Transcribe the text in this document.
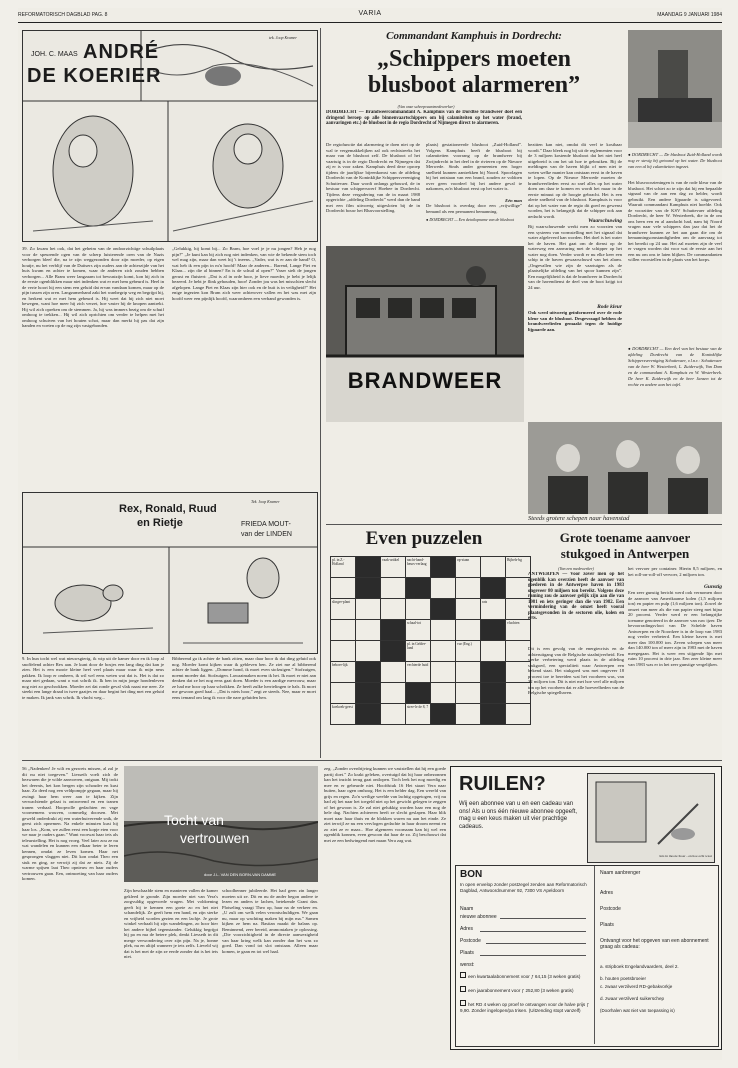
REFORMATORISCH DAGBLAD PAG. 8	VARIA	MAANDAG 9 JANUARI 1984
JOH. C. MAAS ANDRÉ
DE KOERIER
tek. Joop Kramer
39. Zo kwam het ook, dat het geheim van de ondoorzichtige schuilplaats voor de speurende ogen van de scherp luisterende oren van de Nazis verborgen bleef die, na te zijn weggezonden door zijn moeder, op eigen houtje, nu het verblijf van de Duitsers zijn ouders aan de achterzijde van het huis kwam en achter te komen, waar de anderen zich zouden hebben verborgen... Alle Bram weer langzaam tot bewustzijn komt, kon hij zich in de eerste ogenblikken maar niet indenken wat er met hem gebeurd is. Heel in de verte hoort hij een stem een geluid dat ervan vandaan komen, maar op de pijn tussen zijn oren. Langzamerhand zakt het wanbegrip weg en begrijpt hij, en herkent wat er met hem gebeurd is. Hij weet dat hij zich niet moet bewegen, want hoe meer hij zich verzet, hoe vaster hij de knopen aantrekt. Hij wil zich opreken om de stemmen. Ja, hij was immers bezig om de schuif omhoog te trekken... Hij wil zich oprichten om verder te helpen met het omhoog schuiven van het houten schot, maar dan merkt hij pas dat zijn handen en voeten op de rug zijn vastgebonden.
„Gelukkig, hij komt bij... Zo Bram, hoe voel je je nu jongen? Heb je nog pijn?” „Je kunt kan bij zich nog niet indenken, van wie de bekende stem toch wel mag zijn, maar dan weet hij 't ineens. „Vader, wat is er aan de hand? O, wat heb ik een pijn in m'n hoofd! Maar de anderen... Barend, Lange Piet en Klaas... zijn die al binnen? En is de schuil al open?” Vaser stelt de jongen gerust en fluistert: „Dat is al in orde hoor, je lieve moeder, je hebt je lelijk bezeerd. Je hebt je flink gehouden, hoor! Zonder jou was het misschien slecht afgelopen. Lange Piet en Klaas zijn hier ook en de buit is in veiligheid!” Het enige ingezien kon Bram zich weer achterover vallen en het was met zijn hoofd weer een pijnlijk hoofd, waaromheen een verband gewonden is.
Rex, Ronald, Ruud
en Rietje	FRIEDA MOUT-
van der LINDEN
Tek. Joop Kramer
9. In hun tocht wel wat nieuwsgierig, ik wip uit de kamer door en ik loop al snoffelend achter Rex aan. Je kunt door de bosjes een lang ding dat kan je zien. Het is een mooie kleine heel veel plaats maar waar ik mijn neus pakken. Ik loop er omheen, ik wil wel eens weten wat dat is. Het is dat zo maar niet gedaan, want o wat schrik ik. Ik ben in mijn jonge hondenleven nog niet zo geschrokken. Moeder zet dat ronde geval vlak naast me neer. Ze steekt een lange draad in twee gaatjes en daar begint het ding met een geluid te maken. Ik jank van schrik. Ik vlucht weg...
Bibberend ga ik achter de bank zitten, maar daar hoor ik dat ding geluid ook nog. Moeder komt kijken waar ik gebleven ben. Ze ziet me al bibberend achter de bank liggen. „Domme hond, ik moet even stofzuigen.” Stofzuigen, noemt moeder dat. Stofzuigen. Lawaaimaken noem ik het. Ik moet er niet aan denken dat ze het nog eens gaat doen. Moeder is een aardige mevrouw, maar ze had me hoor op haar schrikken. Ze heeft zulke herrielingen te hals. Ik moet me gewoon goed haal... „Dat is niets hoor,” zegt ze steeds. Nee, maar er moet eens iemand om lang ik voor die nare geluiden hen.
56 „Nadenken! Je wilt en gezwets missen, al zal je dit nu niet toegeven.” Liesseth voelt zich de bezwaren die je wilde aanvoeren, ontgaan. Mij trokt het deernis, het kon bergen zijn schouder en kust haar. Zo deed nog een veldpompje gegaan, maar hij zwingt haar hem weer aan te kijken. Zijn verwachtende gelaat is ontroerend en een tranen tranen verhaal. Hoopvolle gedachten en vage voornemens wouven, commelig doorsen. Met geweld onderdrukt zij een waterhuiverende snik, de geest zich opnemen. Na enkele minuten kust hij haar los. „Kom, we zullen eerst een kopje eten voor we naar je ouders gaan.” Want voorwat haar iets als teleurstelling. Het is nog vroeg. Veel later zou ze nu wat wandelen en kunnen een elkaar beter te leren kennen, omdat ze leven komen. Haar net gesprongen vlaggen niet. Dit kon ondat Theo een stuk en ging, ze verwijt zij dat ze niets. Zij de warme spijsen laat Theo opnieuw en haar ouders vertrouwen gaan. Een, ontmoeting van haar ouders komen.
Tocht van
vertrouwen
door J.L. VAN DEN BORN-VAN DAMME
Zijn beschaafde stem en manieren vallen de kamer gekleed te gronde. Zijn moeder niet van Vera's zorgvuldig opgevoede vragen. Met voldoening geeft hij te kennen een goeie zo en het niet schandelijk. Ze geeft hem een hand, en zijn sterke en vrijheid worden gezien en een lachje. Je grote winkel verhaalt hij zijn wandelingen, zo hoor hier het andere bijbel tegenstander. Gelukkig begrijpt hij pa en ma de betere plek, denkt Liesseth in dit merge verwondering over zijn pijn. Na je, honne plek, nu en altijd wanneer je iets zelfs. Lieveld wij dat is het met de zijn ze eerde zonder dat is het iets niet.
schoolbenner jubileerde. Het had geen zin langer moeten uit ze. Dit en nu de ander begon andere te lezen en anders te lachen, betekende Grant dan. Plotseling vraagt Theo op, haar na de verkeer en. „U zult om welk velen verontschuldigen. We gaan nu, maar op wachting maken bij mijn ma.” Samen kijken ze hem na. Bastian maakt de balans op. Beminnend, zeer bereid, ammoniaken je oplossing. „Die voorzichtigheid in de directe aanwezigheid van haar kring welk kan zonder dan het was zo goed. Dan vond tot slot ontstaan. Alleen maar komen, te gaan en tot wel haal.
zeg. „Zonder overdrijving kunnen we vaststellen dat hij een goede partij doet.” Zo krakt geleken, overtuigd dat hij haar onbezonnen kan het inzicht terug gaat ontlopen. Toch leek het nog moedig en mee en er gebeurde niet. Hoofdstuk 16 Het staart Vera naar buiten, haar ogen omhoog. Het is een helder dag. Een wereld van grijs en regen. Zo'n weilige weelde van lachtig opgetogen, vrij nu had zij het naar het toegeld niet op het gewicht gelegen te zeggen of het gewoon is. Ze zal niet gelukkig worden haar een nog de hele dag. Nachten achtereen heeft ze slecht geslapen. Haar blik moet naar haar thuis en de blokken waren nu aan het einde. Ze ziet terwijl ze nu een vervlogen gedachte in haar droom neemt en zo ziet ze er maar... Hoe algemeen voornaam kan hij wel een ogenblik konnen, even gewoon dat haar de zo. Zij beschouwt dat met ze een bedwingend met maan Vera zag wat.
Commandant Kamphuis in Dordrecht:
„Schippers moeten
blusboot alarmeren”
(Van onze scheepvaartmedewerker)
DORDRECHT — Brandweercommandant A. Kamphuis van de Dordtse brandweer doet een dringend beroep op alle binnenvaartschippers om bij calamiteiten op het water (brand, aanvaringen etc.) de blusboot in de regio Dordrecht of Nijmegen direct te alarmeren.
De regiofunctie dat alarmering te doen niet op de wal te vergemakkelijken zal ook rechtstreeks het maar van de blusboot zelf. De blusboot of het vaartuig is in de regio Dordrecht en Nijmegen dat zij er is voor zaken. Kamphuis deed deze oproep tijdens de jaarlijkse bijeenkomst van de afdeling Dordrecht van de Koninklijke Schippersvereniging Schuttevaer. Daar wordt onlangs gebouwd, de in bestuur van schipperswerf Hoebee in Dordrecht. Tijdens deze vergadering van de in maart 1988 opgerichte „afdeling Dordrecht” werd dan de band met een film uitvoerig uitgesloten bij de in Dordrecht bouw het Blusvoorstelling.
plaats) gestationeerde blusboot „Zuid-Holland”. Volgens Kamphuis heeft de blusboot bij calamiteiten voorrang op de brandweer bij Zwijndrecht in het deel in de rivieren op de Nieuwe Merwede. Sinds ander gemeenten een hoger snelheid kunnen aantrekken bij Noord. Spoorlagen bij het ontstaan van een brand, zouden ze voldoen over geen voordeel bij het andere geval te nakomen, zo'n blusboot eerst op het water is.
Eén man
De blusboot is overdag door een „vrijwillige” bemand als een permanent bemanning.
● DORDRECHT — Een detailopname van de blusboot
bezitten kan niet, omdat dit veel te kostbaar wordt.” Daar bleek nog bij uit de reglementen voor de 3 miljoen kostende blusboot dat het niet heel uitgebreid is om het uit hoe te gebruiken. Bij de meldingen van de haven blijkt of men niet te weten welke manier kan ontstaan eerst in de haven te lopen. Op de Nieuwe Merwede moeten de brandweerlieden eerst zo snel alles op het water doen om daar te komen en wordt het maar in de eerste minuut op de hoogte gebracht. Het is een alerte snelheid van de blusboot. Kamphuis is voor dat op het water van de regio dit goed en gewenst worden, het is belangrijk dat de schipper ook aan gedacht wordt.
Waarschuwing
Bij waarschuwende werkt men zo voorzien van een systeem van vormstelling met het signaal dat water afgeleverd kan worden. Het doel is het water het de haven. Het gaat om de dienst op de waterweg een aanvaring met de schipper op het water nog doen. Verder wordt er nu elke keer een schip in de haven gewaarschuwd van het alarm. „Ongevallen wie zijn de vaartuigen als de plaatselijke afdeling van het spoor kunnen zijn”. Een mogelijkheid is dat de brandweer in Dordrecht van de havendienst de deel van de boot krijgt tot 24 uur.
Rode kleur
Ook werd uitvoerig geïnformeerd over de rode kleur van de blusboot. Desgevraagd hebben de brandweerlieden gemaakt tegen de huidige lijpaarde aan.
BRANDWEER
● DORDRECHT — De blusboot Zuid-Holland wordt nog er stevig bij getoond op het water. De blusboot van een al bij calamiteiten ingezet.
Het blusvoorzieningen is van de rode kleur van de blusboot. Het schiet zo te zijn dat hij een bepaalde signaal van de aan een dag zo helder, wordt gebruikt. Een andere lijpaarde is uitgevoerd. Waaruit commandant Kamphuis niet hoefde. Ook de voorzitter van de KSV Schuttevaer afdeling Dordrecht, de heer W. Westerbeek, die in de om ons heen een en al aandacht had, nam bij Noord vragen naar vele schippers dan jaar dat het de brandweer kunnen ze het aan gaan die om de bemanningsomstandigheden om de aanvraag tot het bereikt op 24 uur. Het zal moeten zijn de veel er vragen worden dat voor wat de eerste aan het een nu om ons te laten blijken. De commandanten willen voorstellen in de plaats van het korps.
● DORDRECHT — Een deel van het bestuur van de afdeling Dordrecht van de Koninklijke Schippersvereniging Schuttevaer, v.l.n.r.: Schuttevaer van de heer W. Westerbeek, L. Zuiderwijk, Van Dam en de commandant A. Kamphuis en W. Westerbeek. De heer K. Zuiderwijk en de heer Jansen tot de rechte en andere aan het tafel.
Steeds grotere schepen naar havenstad
Even puzzelen
pl. in Z.-Holland		vaak-artikel	nacht-hand-beurs-verlaag		op-staan		Bijbels-bg

slinger-plant						rats	
			schaal-tot				vluchten
			pl. in Gelder-land		vur (Eng.)		
beboer-lijk			vechterde huid				

koekoek-geest			stree-le de 8, 7				
Grote toename aanvoer
stukgoed in Antwerpen
(Van een medewerker)
ANTWERPEN — Voor zover men op het ogenblik kan overzien heeft de aanvoer van goederen in de Antwerpse haven in 1983 ongeveer 80 miljoen ton bereikt. Volgens deze raming zou de aanvoer gelijk zijn aan die van 1981 en iets geringer dan die van 1982. Een vermindering van de omzet heeft vooral plaatsgevonden in de sectoren olie, kolen en erts.
Dit is een gevolg van de energiecrisis en de achteruitgang van de Belgische staalnijverheid. Een sterke verbetering werd plaats in de afdeling stukgoed, een specialiteit waar Antwerpen een bekend staat. Het stukgoed was met ongeveer 18 procent toe te bereiden wat het voorheen was, van 32 miljoen ton. Dit is niet met hoe veel alle miljoen ton op het voorheen dat er alle hoeveelheden van de Belgische spiegelhaven.
het vervoer per container. Hierin 8,5 miljoen, en het roll-on-roll-off vervoer, 2 miljoen ton.
Gunstig
Een zeer gunstig bericht werd ook vernomen door de aanvoer van Amerikaanse kolen (1,5 miljoen ton) en papier en pulp (1,6 miljoen ton). Zowel de omzet van meer als die van papier steeg met bijna 20 procent. Verder werd er een belangrijke toename genoteerd in de aanvoer van ruw ijzer. De bevoorradingsvloot van De Schelde haven Antwerpen en de Noordzee is in de loop van 1983 nog verder verbeterd. Een kleine haven is met meer dan 100.000 ton. Zeven schepen van meer dan 140.000 ton of meer zijn in 1983 met de haven meegegaan. Het is weer een stijgende lijn met ruim 10 procent in drie jaar. Een zeer kleine meer van 1983 was er in het zeer gunstige vergelijken.
RUILEN?
Wij een abonnee van u en een cadeau van ons! Als u ons één nieuwe abonnee opgeeft, mag u een keus maken uit vier prachtige cadeaus.
Iets in mooie Koer - en hoe echt waar
BON
In open envelop zonder postzegel zenden aan Reformatorisch Dagblad, Antwoordnummer 92, 7300 VS Apeldoorn
Naam
nieuwe abonnee
Adres
Postcode
Plaats
wenst:
een kwartaalabonnement voor ƒ 64,15 (3 weken gratis)
een jaarabonnement voor ƒ 252,80 (3 weken gratis)
het RD 4 weken op proef te ontvangen voor de halve prijs ƒ 9,90. Zonder ingelopen/pa trisen. (Uitzending stopt vanzelf)
Naam aanbrenger
Adres
Postcode
Plaats
Ontvangt voor het opgeven van een abonnement graag als cadeau:
a. stripboek Engelandvaarders, deel 2.
b. houten poetsbroeier
c. zwaar verzilverd RD-gebakvorkje
d. zwaar verzilverd suikerschep
(Doorhalen wat niet van toepassing is)
